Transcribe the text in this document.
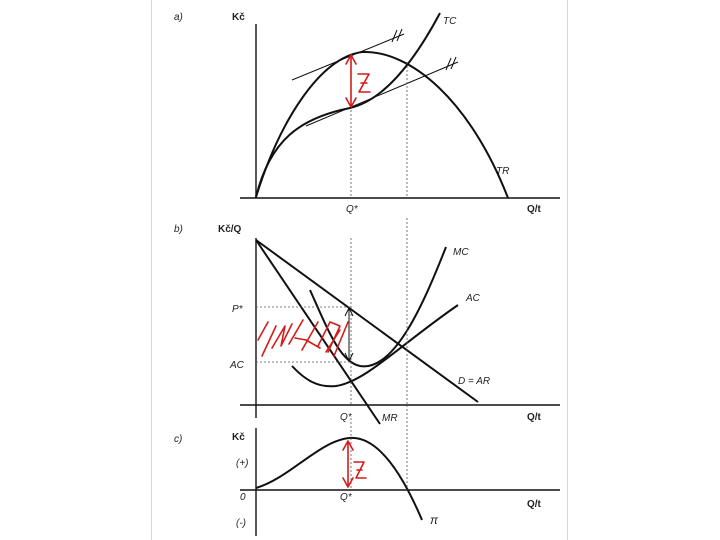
a)	Kč
Q/t
Q*
TC
TR
b)	Kč/Q
Q/t
Q*
P*
AC
MC
AC
MR
D = AR
c)	Kč
Q/t
Q*
(+)
0
(-)	π
